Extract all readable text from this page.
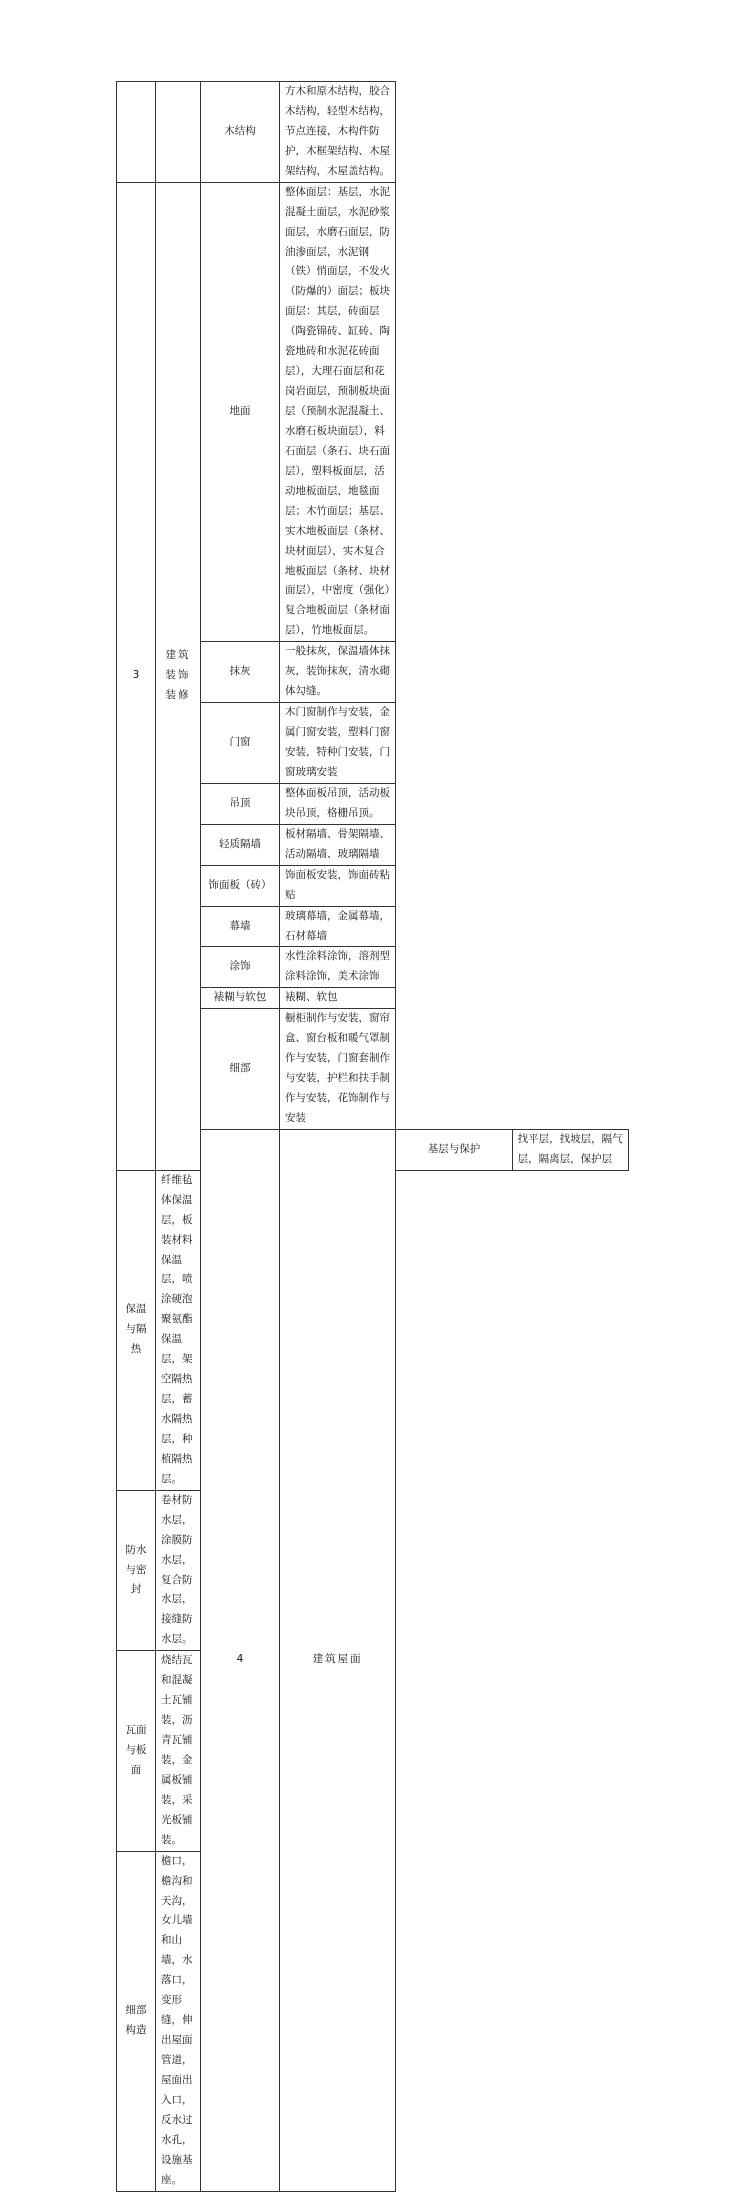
		木结构	方木和原木结构，胶合木结构，轻型木结构，节点连接，木构件防护，木框架结构、木屋架结构，木屋盖结构。		
3	建筑装饰装修	地面	整体面层：基层，水泥混凝土面层，水泥砂浆面层，水磨石面层，防油渗面层，水泥钢（铁）悄面层，不发火（防爆的）面层；板块面层：其层，砖面层（陶瓷锦砖、缸砖、陶瓷地砖和水泥花砖面层），大理石面层和花岗岩面层，预制板块面层（预制水泥混凝土、水磨石板块面层），料石面层（条石、块石面层），塑料板面层，活动地板面层，地毯面层；木竹面层；基层、实木地板面层（条材、块材面层），实木复合地板面层（条材、块材面层），中密度（强化）复合地板面层（条材面层），竹地板面层。		
		抹灰	一般抹灰，保温墙体抹灰，装饰抹灰，清水砌体勾缝。		
		门窗	木门窗制作与安装，金属门窗安装，塑料门窗安装，特种门安装，门窗玻璃安装		
		吊顶	整体面板吊顶，活动板块吊顶，格栅吊顶。		
		轻质隔墙	板材隔墙、骨架隔墙、活动隔墙、玻璃隔墙		
		饰面板（砖）	饰面板安装，饰面砖粘贴		
		幕墙	玻璃幕墙，金属幕墙，石材幕墙		
		涂饰	水性涂料涂饰，溶剂型涂料涂饰，美术涂饰		
		裱糊与软包	裱糊、软包		
		细部	橱柜制作与安装，窗帘盒、窗台板和暖气罩制作与安装，门窗套制作与安装，护栏和扶手制作与安装，花饰制作与安装		
		4	建筑屋面	基层与保护	找平层，找坡层，隔气层，隔离层，保护层
保温与隔热	纤维毡体保温层，板装材料保温层，喷涂硬泡聚氨酯保温层，架空隔热层，蓄水隔热层，种植隔热层。				
防水与密封	卷材防水层，涂膜防水层，复合防水层，接缝防水层。				
瓦面与板面	烧结瓦和混凝土瓦铺装，沥青瓦铺装，金属板铺装，采光板铺装。				
细部构造	檐口，檐沟和天沟，女儿墙和山墙，水落口，变形缝，伸出屋面管道，屋面出入口，反水过水孔，设施基座。				
